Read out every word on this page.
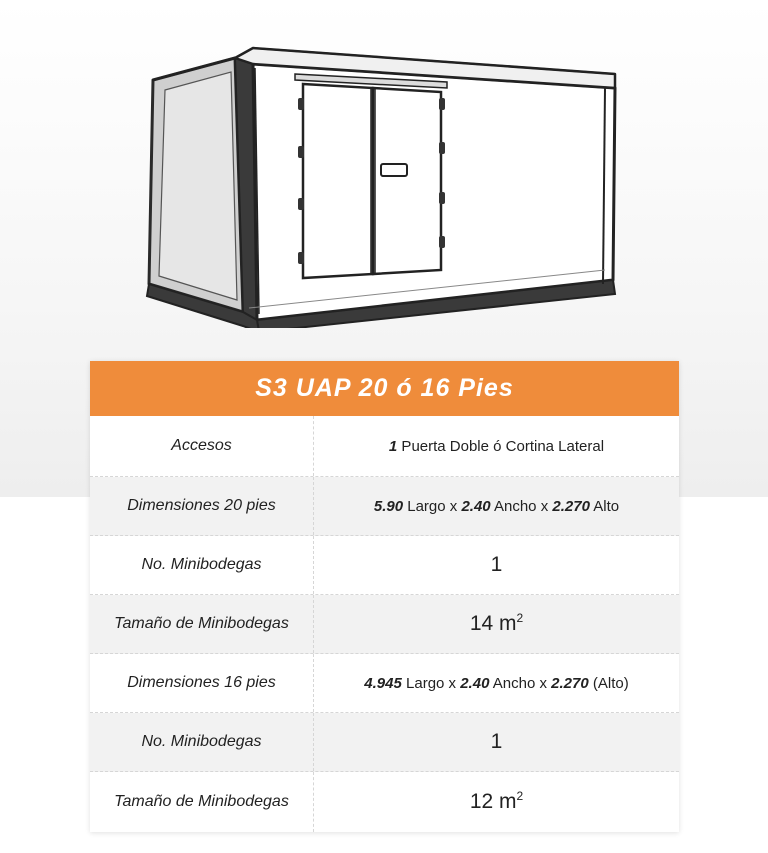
S3 UAP 20 ó 16 Pies
Accesos	1 Puerta Doble ó Cortina Lateral
Dimensiones 20 pies	5.90 Largo x 2.40 Ancho x 2.270 Alto
No. Minibodegas	1
Tamaño de Minibodegas	14 $m^2$
Dimensiones 16 pies	4.945 Largo x 2.40 Ancho x 2.270 (Alto)
No. Minibodegas	1
Tamaño de Minibodegas	12 $m^2$
